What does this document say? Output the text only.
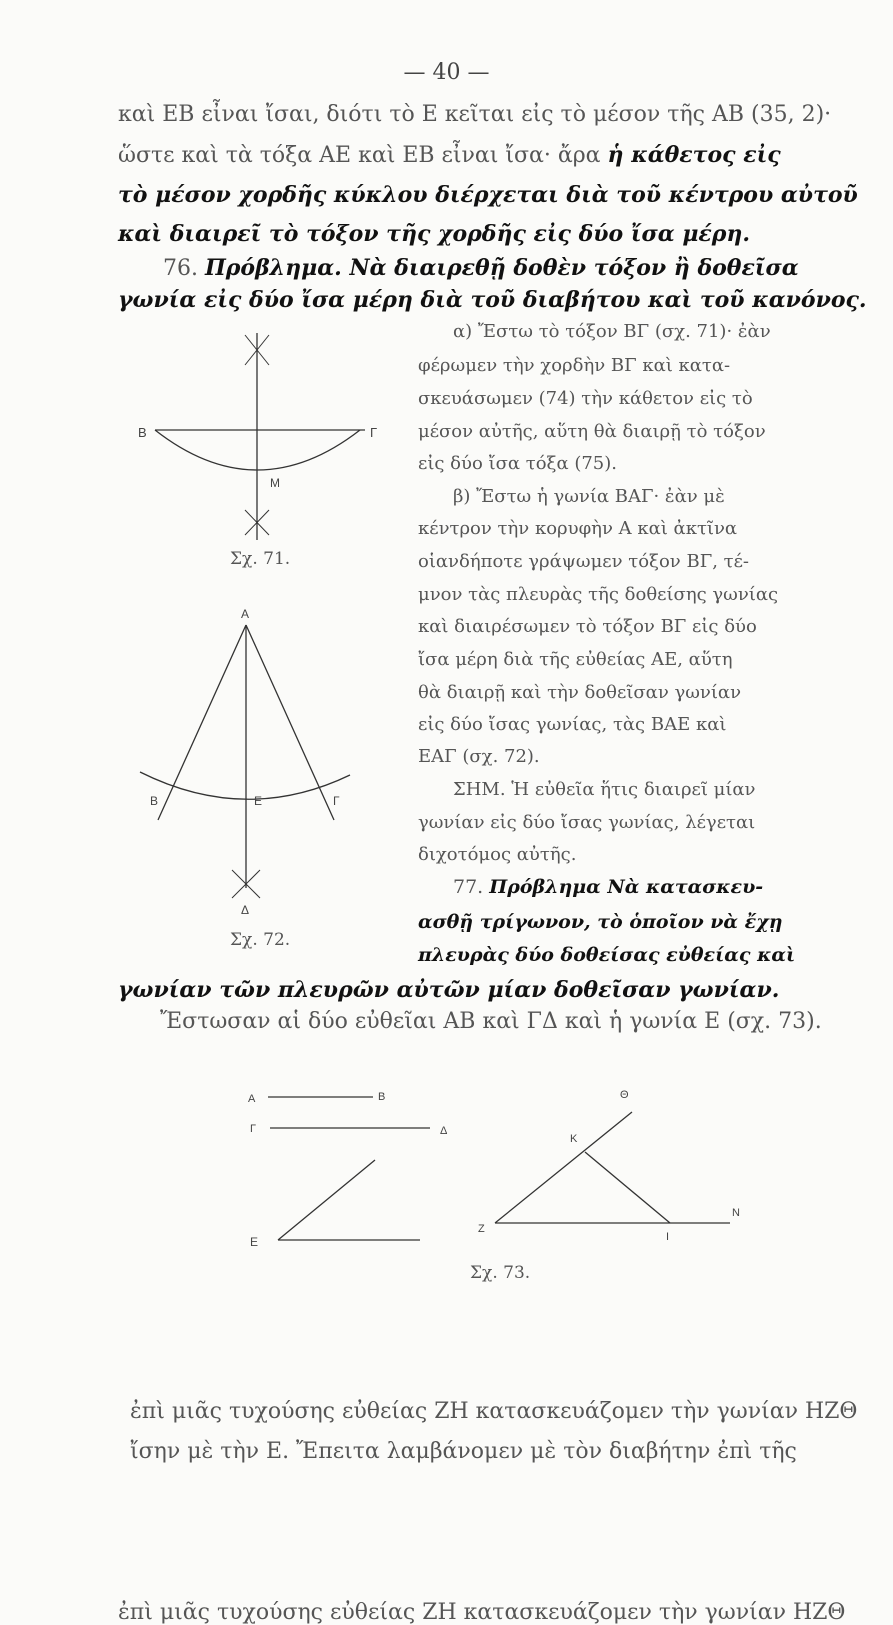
— 40 —
καὶ ΕΒ εἶναι ἴσαι, διότι τὸ Ε κεῖται εἰς τὸ μέσον τῆς ΑΒ (35, 2)·
ὥστε καὶ τὰ τόξα ΑΕ καὶ ΕΒ εἶναι ἴσα· ἄρα ἡ κάθετος εἰς
τὸ μέσον χορδῆς κύκλου διέρχεται διὰ τοῦ κέντρου αὐτοῦ
καὶ διαιρεῖ τὸ τόξον τῆς χορδῆς εἰς δύο ἴσα μέρη.
76. Πρόβλημα. Νὰ διαιρεθῇ δοθὲν τόξον ἢ δοθεῖσα
γωνία εἰς δύο ἴσα μέρη διὰ τοῦ διαβήτου καὶ τοῦ κανόνος.
α) Ἔστω τὸ τόξον ΒΓ (σχ. 71)· ἐὰν
φέρωμεν τὴν χορδὴν ΒΓ καὶ κατα-
σκευάσωμεν (74) τὴν κάθετον εἰς τὸ
μέσον αὐτῆς, αὕτη θὰ διαιρῇ τὸ τόξον
εἰς δύο ἴσα τόξα (75).
β) Ἔστω ἡ γωνία ΒΑΓ· ἐὰν μὲ
κέντρον τὴν κορυφὴν Α καὶ ἀκτῖνα
οἱανδήποτε γράψωμεν τόξον ΒΓ, τέ-
μνον τὰς πλευρὰς τῆς δοθείσης γωνίας
καὶ διαιρέσωμεν τὸ τόξον ΒΓ εἰς δύο
ἴσα μέρη διὰ τῆς εὐθείας ΑΕ, αὕτη
θὰ διαιρῇ καὶ τὴν δοθεῖσαν γωνίαν
εἰς δύο ἴσας γωνίας, τὰς ΒΑΕ καὶ
ΕΑΓ (σχ. 72).
ΣΗΜ. Ἡ εὐθεῖα ἥτις διαιρεῖ μίαν
γωνίαν εἰς δύο ἴσας γωνίας, λέγεται
διχοτόμος αὐτῆς.
77. Πρόβλημα Νὰ κατασκευ-
ασθῇ τρίγωνον, τὸ ὁποῖον νὰ ἔχῃ
πλευρὰς δύο δοθείσας εὐθείας καὶ
γωνίαν τῶν πλευρῶν αὐτῶν μίαν δοθεῖσαν γωνίαν.
Ἔστωσαν αἱ δύο εὐθεῖαι ΑΒ καὶ ΓΔ καὶ ἡ γωνία Ε (σχ. 73).
ἐπὶ μιᾶς τυχούσης εὐθείας ΖΗ κατασκευάζομεν τὴν γωνίαν ΗΖΘ
ἐπὶ μιᾶς τυχούσης εὐθείας ΖΗ κατασκευάζομεν τὴν γωνίαν ΗΖΘ
ἴσην μὲ τὴν Ε. Ἔπειτα λαμβάνομεν μὲ τὸν διαβήτην ἐπὶ τῆς
B	Γ
M
Σχ. 71.
A
B	E	Γ
Δ
Σχ. 72.
A	B
Γ	Δ
E
Θ
K
Z
I
N
Σχ. 73.
